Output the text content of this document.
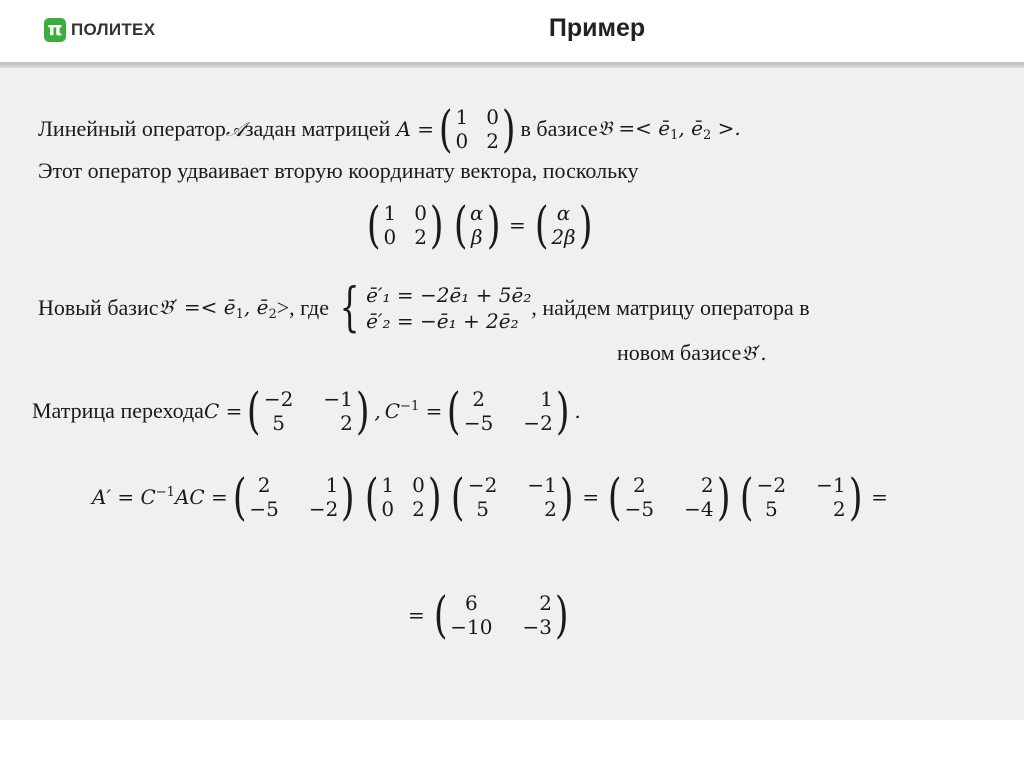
π ПОЛИТЕХ	Пример
Линейный оператор 𝒜 задан матрицей A = ( 1 0
0 2 ) в базисе 𝔅 =< $ē_1$, $ē_2$ >.
Этот оператор удваивает вторую координату вектора, поскольку
( 1 0
0 2 ) ( α
β ) = ( α
2β )
Новый базис 𝔅′ =< $ē_1$, $ē_2$ >, где { ē′₁ = −2ē₁ + 5ē₂
ē′₂ = −ē₁ + 2ē₂
, найдем матрицу оператора в
новом базисе 𝔅′.
Матрица перехода C = ( −2 −1
5	2 ) , $C^{-1}$ = ( 2	1
−5 −2 ) .
$A' = C^{-1}AC$ = ( 2	1
−5 −2 ) ( 1 0
0 2 ) ( −2 −1
5	2 ) = ( 2	2
−5 −4 ) ( −2 −1
5	2 ) =
= ( 6	2
−10 −3 )
